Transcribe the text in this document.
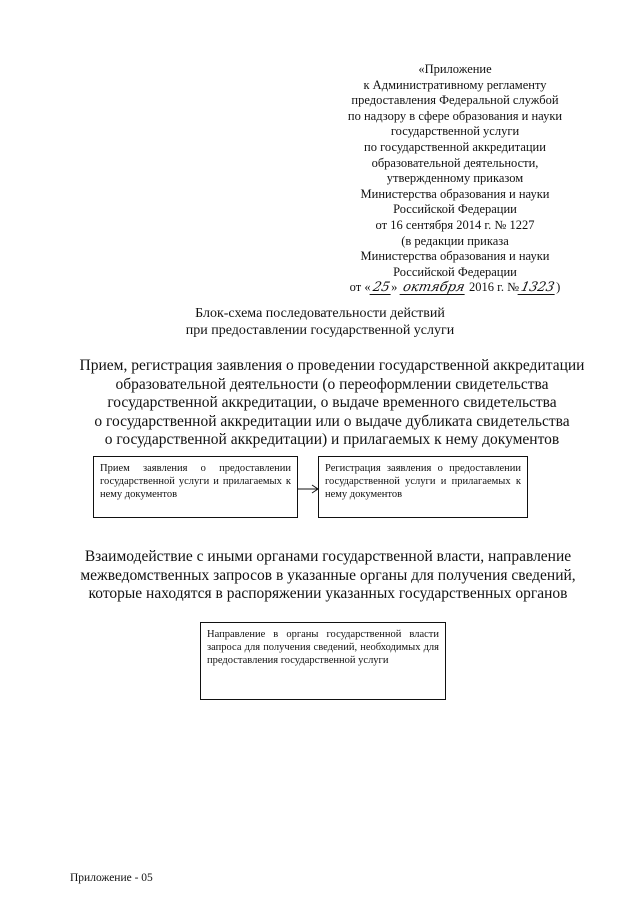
«Приложение
к Административному регламенту
предоставления Федеральной службой
по надзору в сфере образования и науки
государственной услуги
по государственной аккредитации
образовательной деятельности,
утвержденному приказом
Министерства образования и науки
Российской Федерации
от 16 сентября 2014 г. № 1227
(в редакции приказа
Министерства образования и науки
Российской Федерации
от «25» октября 2016 г. №1323)
Блок-схема последовательности действий
при предоставлении государственной услуги
Прием, регистрация заявления о проведении государственной аккредитации
образовательной деятельности (о переоформлении свидетельства
государственной аккредитации, о выдаче временного свидетельства
о государственной аккредитации или о выдаче дубликата свидетельства
о государственной аккредитации) и прилагаемых к нему документов
Прием заявления о предоставлении государственной услуги и прилагаемых к нему документов
Регистрация заявления о предоставлении государственной услуги и прилагаемых к нему документов
Взаимодействие с иными органами государственной власти, направление
межведомственных запросов в указанные органы для получения сведений,
которые находятся в распоряжении указанных государственных органов
Направление в органы государственной власти запроса для получения сведений, необходимых для предоставления государственной услуги
Приложение - 05
